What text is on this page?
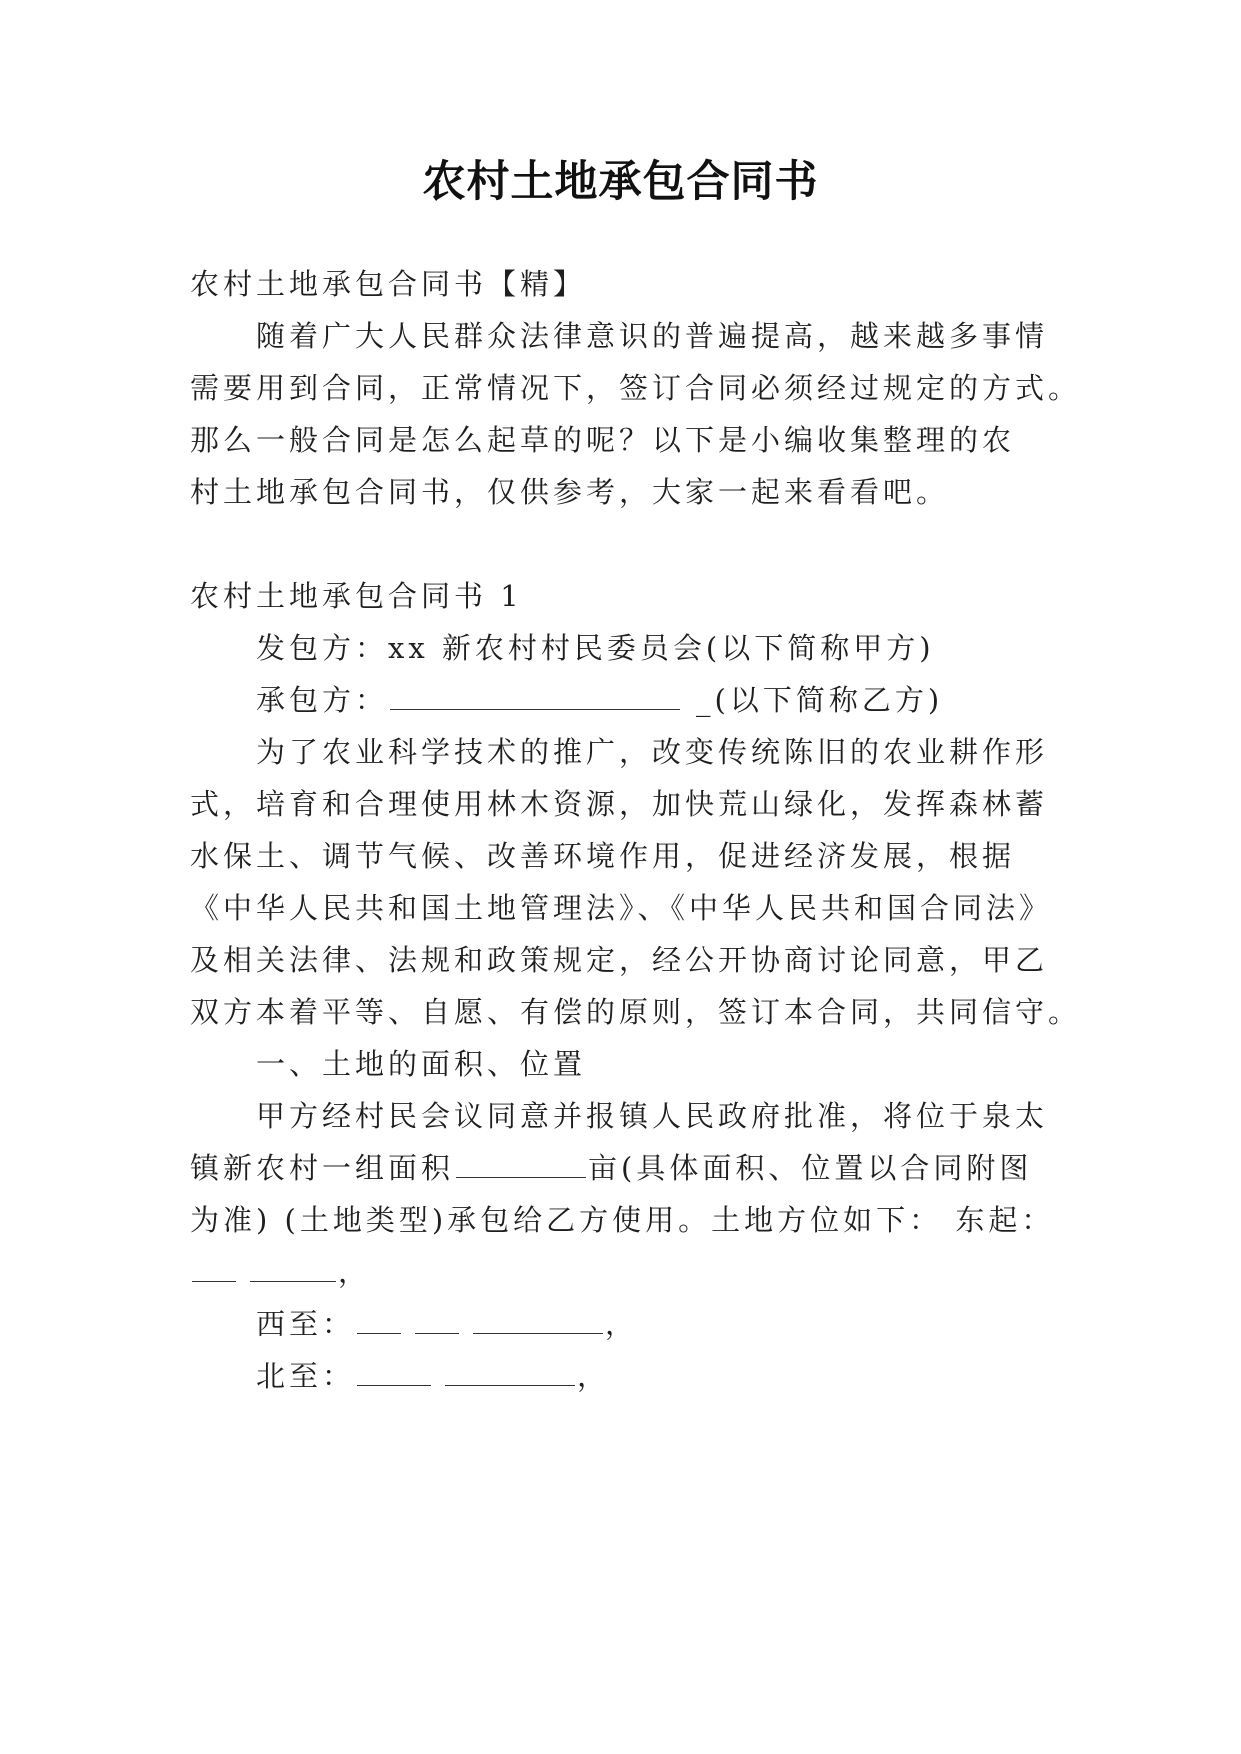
农村土地承包合同书
农村土地承包合同书【精】
随着广大人民群众法律意识的普遍提高，越来越多事情
需要用到合同，正常情况下，签订合同必须经过规定的方式。
那么一般合同是怎么起草的呢？以下是小编收集整理的农
村土地承包合同书，仅供参考，大家一起来看看吧。
农村土地承包合同书 1
发包方：xx 新农村村民委员会(以下简称甲方)
承包方：	_(以下简称乙方)
为了农业科学技术的推广，改变传统陈旧的农业耕作形
式，培育和合理使用林木资源，加快荒山绿化，发挥森林蓄
水保土、调节气候、改善环境作用，促进经济发展，根据
《中华人民共和国土地管理法》、《中华人民共和国合同法》
及相关法律、法规和政策规定，经公开协商讨论同意，甲乙
双方本着平等、自愿、有偿的原则，签订本合同，共同信守。
一、土地的面积、位置
甲方经村民会议同意并报镇人民政府批准，将位于泉太
镇新农村一组面积	亩(具体面积、位置以合同附图
为准) (土地类型)承包给乙方使用。土地方位如下： 东起：
，
西至：	，
北至：	，
